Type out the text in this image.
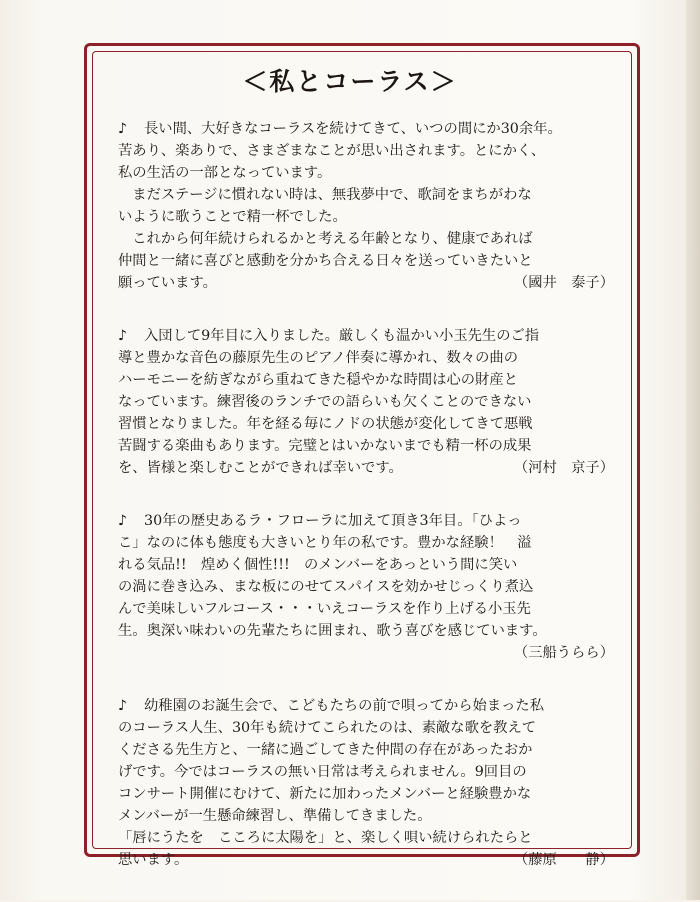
＜私とコーラス＞

♪ 長い間、大好きなコーラスを続けてきて、いつの間にか30余年。

苦あり、楽ありで、さまざまなことが思い出されます。とにかく、

私の生活の一部となっています。

　まだステージに慣れない時は、無我夢中で、歌詞をまちがわな

いように歌うことで精一杯でした。

　これから何年続けられるかと考える年齢となり、健康であれば

仲間と一緒に喜びと感動を分かち合える日々を送っていきたいと

願っています。	（國井　泰子）

♪ 入団して9年目に入りました。厳しくも温かい小玉先生のご指

導と豊かな音色の藤原先生のピアノ伴奏に導かれ、数々の曲の

ハーモニーを紡ぎながら重ねてきた穏やかな時間は心の財産と

なっています。練習後のランチでの語らいも欠くことのできない

習慣となりました。年を経る毎にノドの状態が変化してきて悪戦

苦闘する楽曲もあります。完璧とはいかないまでも精一杯の成果

を、皆様と楽しむことができれば幸いです。	（河村　京子）

♪ 30年の歴史あるラ・フローラに加えて頂き3年目。「ひよっ

こ」なのに体も態度も大きいとり年の私です。豊かな経験！　溢

れる気品!!　煌めく個性!!!　のメンバーをあっという間に笑い

の渦に巻き込み、まな板にのせてスパイスを効かせじっくり煮込

んで美味しいフルコース・・・いえコーラスを作り上げる小玉先

生。奥深い味わいの先輩たちに囲まれ、歌う喜びを感じています。

（三船うらら）

♪ 幼稚園のお誕生会で、こどもたちの前で唄ってから始まった私

のコーラス人生、30年も続けてこられたのは、素敵な歌を教えて

くださる先生方と、一緒に過ごしてきた仲間の存在があったおか

げです。今ではコーラスの無い日常は考えられません。9回目の

コンサート開催にむけて、新たに加わったメンバーと経験豊かな

メンバーが一生懸命練習し、準備してきました。

「唇にうたを　こころに太陽を」と、楽しく唄い続けられたらと

思います。	（藤原　　静）
